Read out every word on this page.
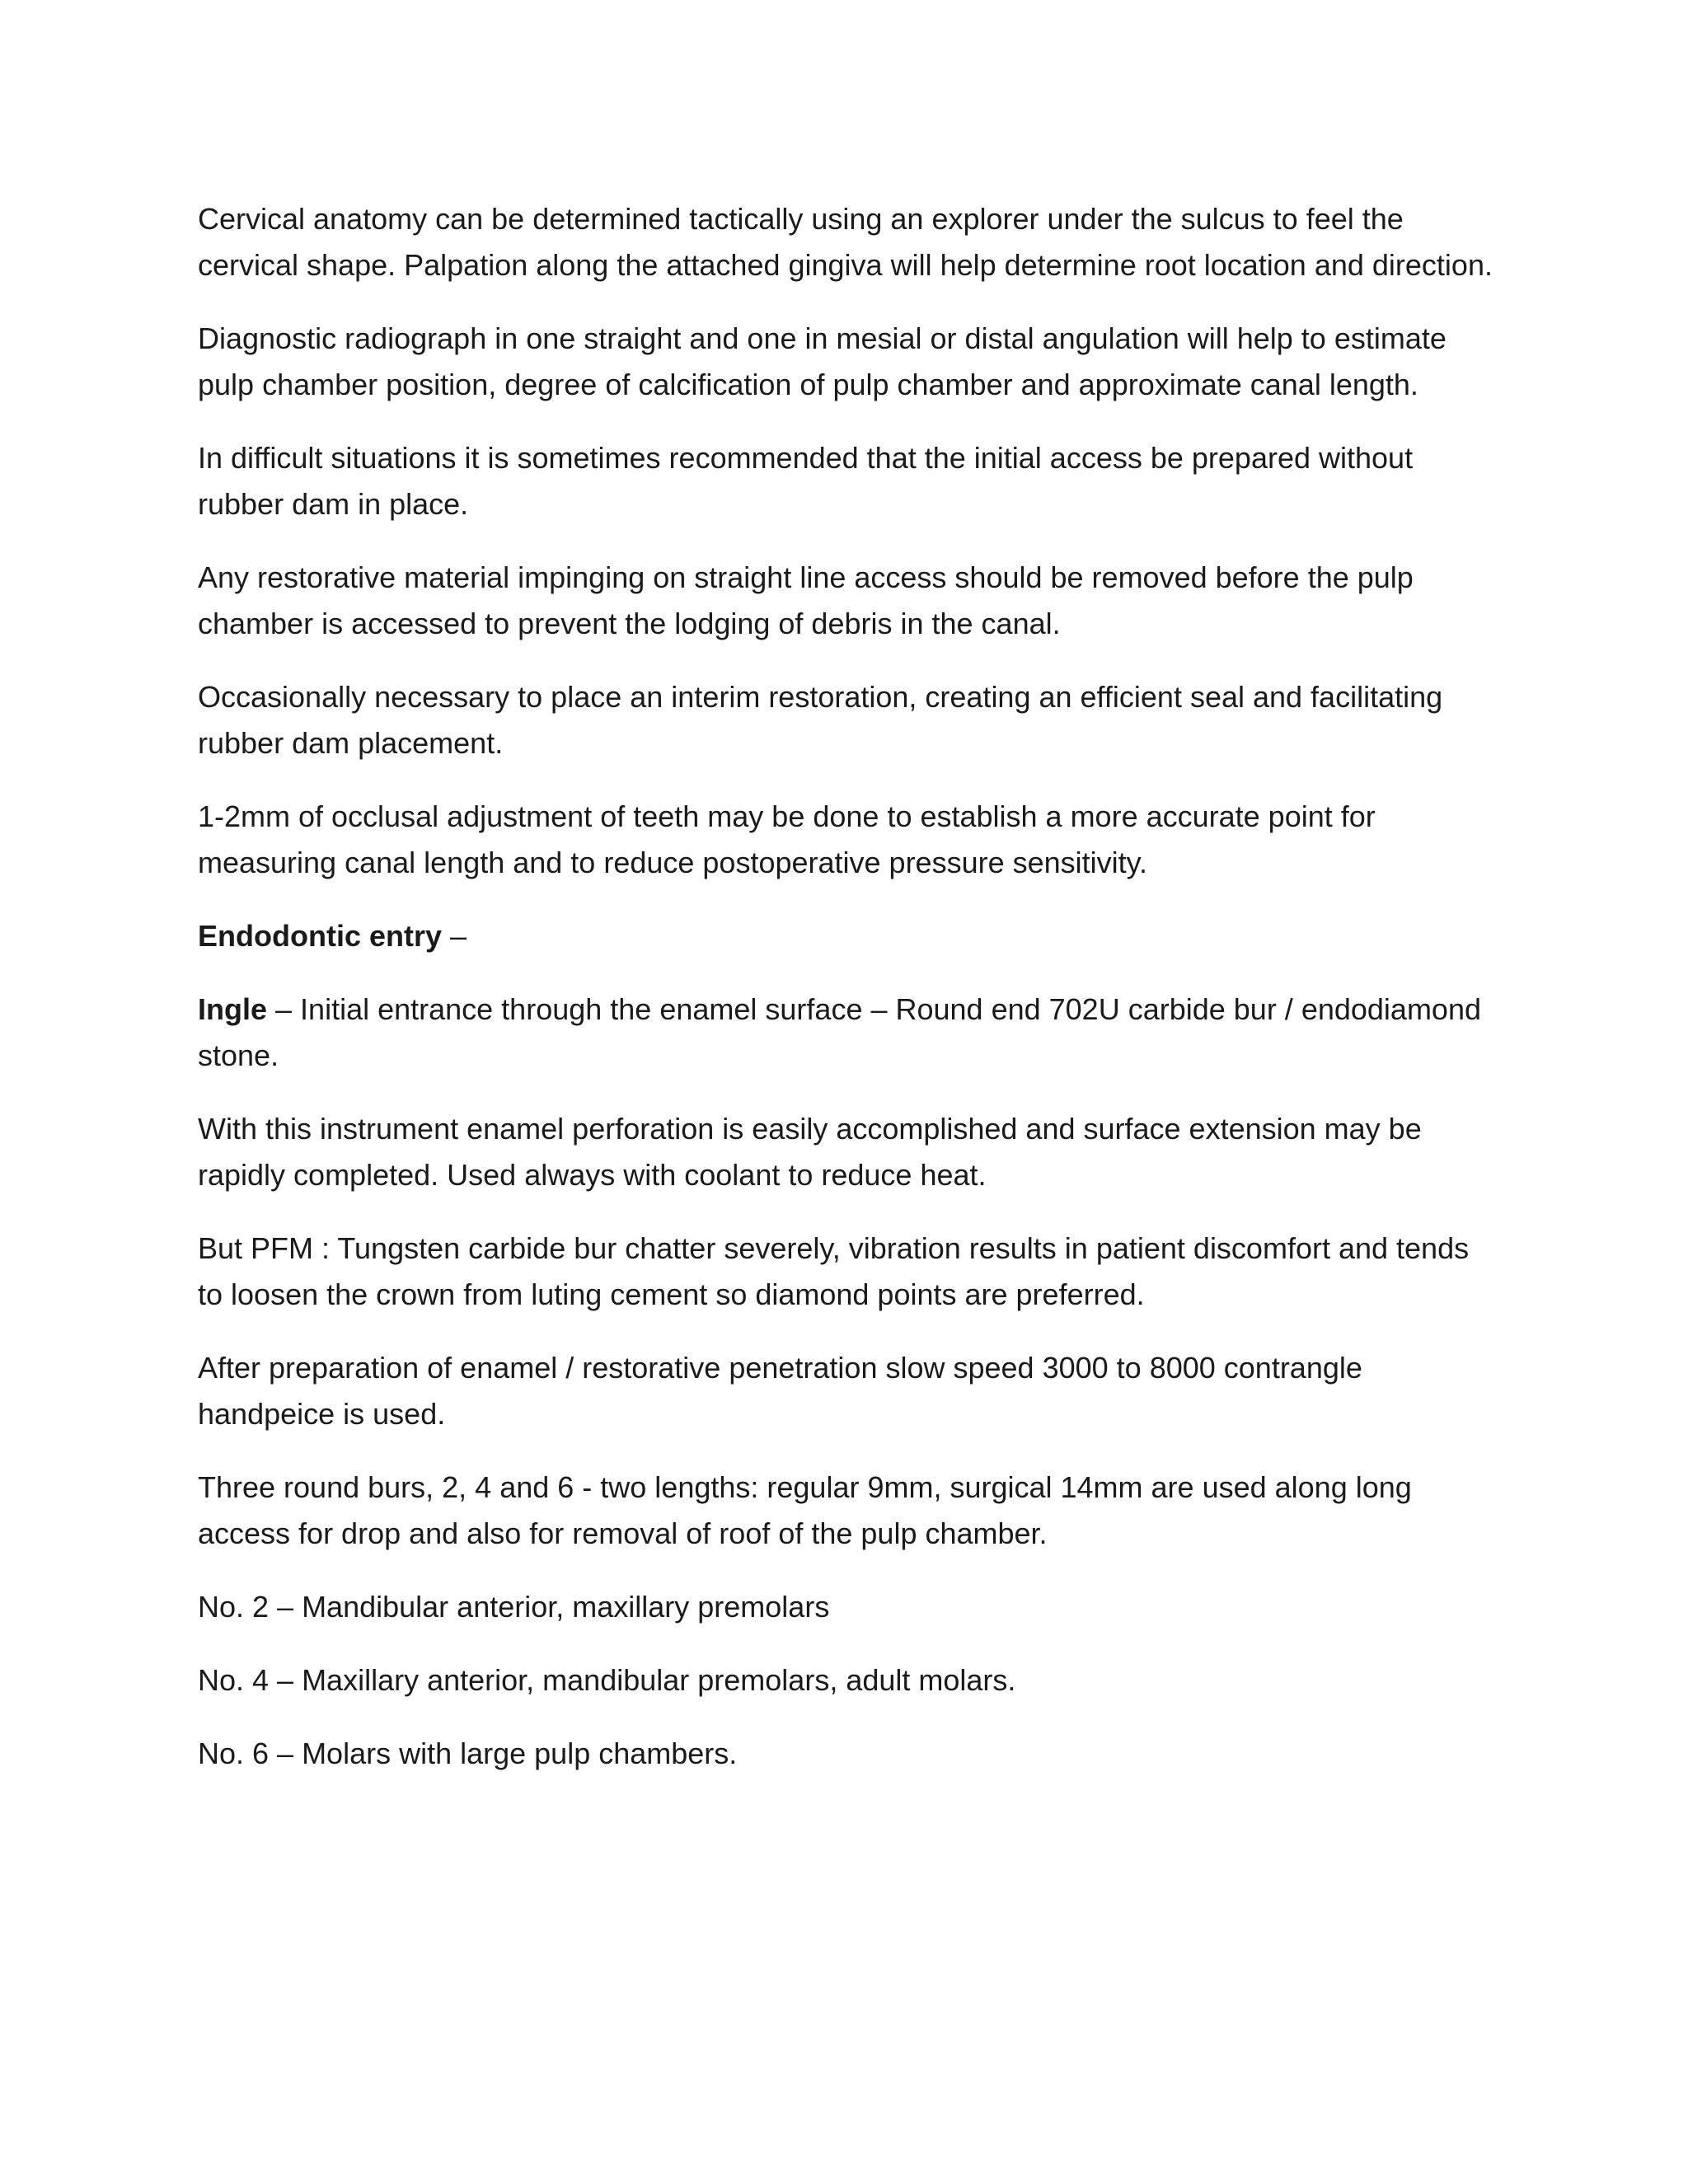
Cervical anatomy can be determined tactically using an explorer under the sulcus to feel the cervical shape. Palpation along the attached gingiva will help determine root location and direction.

Diagnostic radiograph in one straight and one in mesial or distal angulation will help to estimate pulp chamber position, degree of calcification of pulp chamber and approximate canal length.

In difficult situations it is sometimes recommended that the initial access be prepared without rubber dam in place.

Any restorative material impinging on straight line access should be removed before the pulp chamber is accessed to prevent the lodging of debris in the canal.

Occasionally necessary to place an interim restoration, creating an efficient seal and facilitating rubber dam placement.

1-2mm of occlusal adjustment of teeth may be done to establish a more accurate point for measuring canal length and to reduce postoperative pressure sensitivity.

Endodontic entry –

Ingle – Initial entrance through the enamel surface – Round end 702U carbide bur / endodiamond stone.

With this instrument enamel perforation is easily accomplished and surface extension may be rapidly completed. Used always with coolant to reduce heat.

But PFM : Tungsten carbide bur chatter severely, vibration results in patient discomfort and tends to loosen the crown from luting cement so diamond points are preferred.

After preparation of enamel / restorative penetration slow speed 3000 to 8000 contrangle handpeice is used.

Three round burs, 2, 4 and 6 - two lengths: regular 9mm, surgical 14mm are used along long access for drop and also for removal of roof of the pulp chamber.

No. 2 – Mandibular anterior, maxillary premolars

No. 4 – Maxillary anterior, mandibular premolars, adult molars.

No. 6 – Molars with large pulp chambers.
